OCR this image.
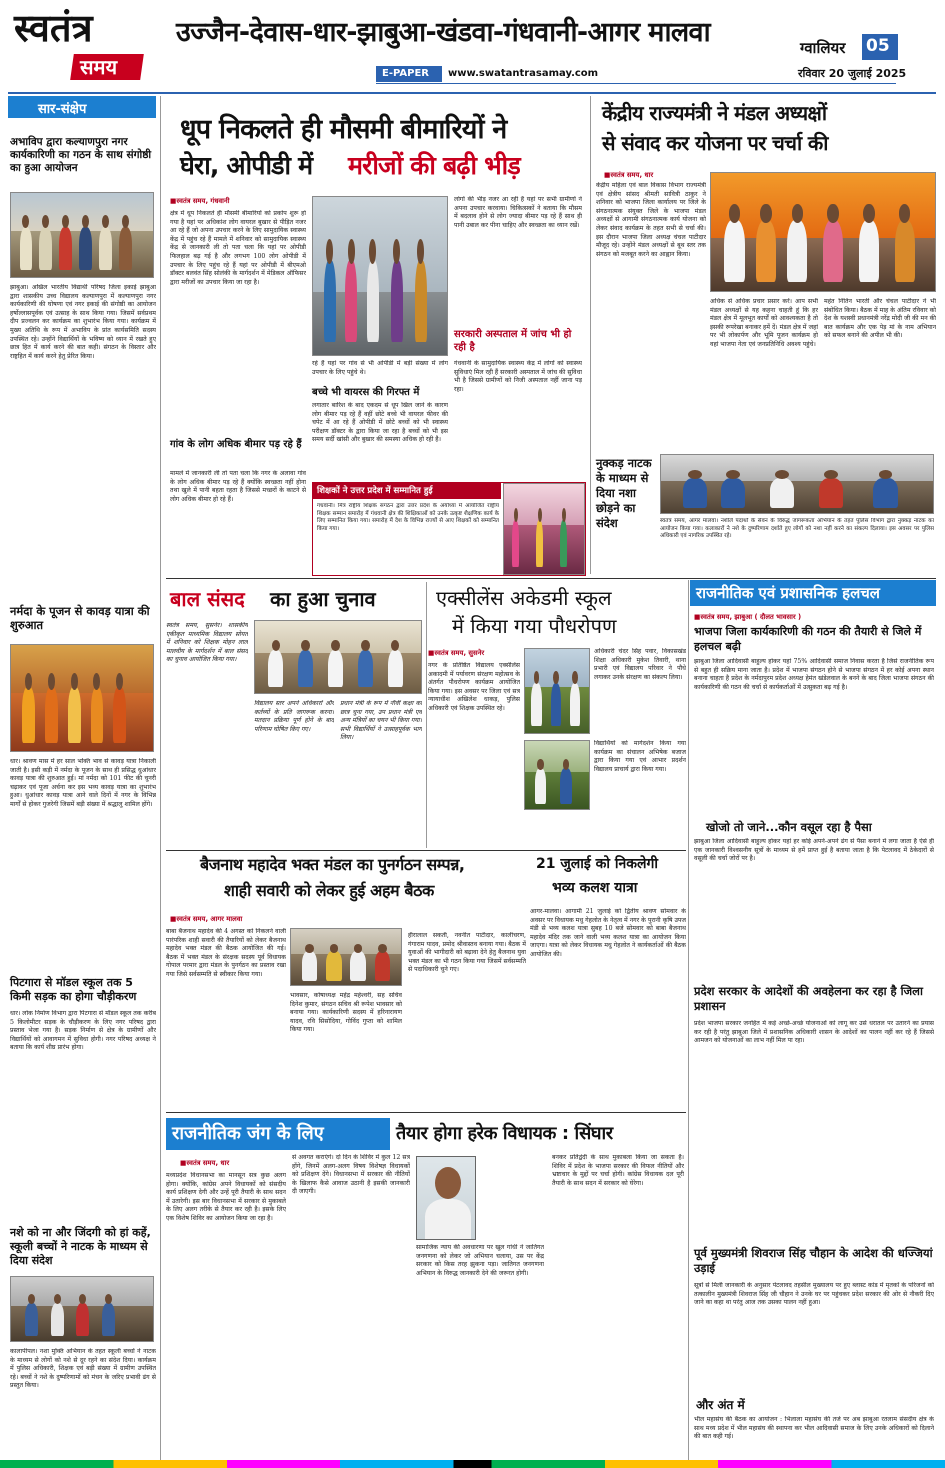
स्वतंत्र
समय
उज्जैन-देवास-धार-झाबुआ-खंडवा-गंधवानी-आगर मालवा
E-PAPER www.swatantrasamay.com
ग्वालियर 05
रविवार 20 जुलाई 2025
सार-संक्षेप
अभाविप द्वारा कल्याणपुरा नगर कार्यकारिणी का गठन के साथ संगोष्ठी का हुआ आयोजन
झाबुआ। अखिल भारतीय विद्यार्थी परिषद जिला इकाई झाबुआ द्वारा शासकीय उच्च विद्यालय कल्याणपुरा में कल्याणपुरा नगर कार्यकारिणी की घोषणा एवं नगर इकाई की संगोष्ठी का आयोजन हर्षोल्लासपूर्वक एवं उत्साह के साथ किया गया। जिसमें सर्वप्रथम दीप प्रज्वलन कर कार्यक्रम का शुभारंभ किया गया। कार्यक्रम में मुख्य अतिथि के रूप में अभाविप के प्रांत कार्यसमिति सदस्य उपस्थित रहे। उन्होंने विद्यार्थियों के भविष्य को ध्यान में रखते हुए छात्र हित में कार्य करने की बात कही। संगठन के विस्तार और राष्ट्रहित में कार्य करने हेतु प्रेरित किया।
नर्मदा के पूजन से कावड़ यात्रा की शुरुआत
धार। श्रावण मास में हर साल भक्ति भाव से कावड़ यात्रा निकाली जाती है। इसी कड़ी में नर्मदा के पूजन के साथ ही प्रसिद्ध धुआंधार कावड़ यात्रा की शुरुआत हुई। मां नर्मदा को 101 फीट की चुनरी चढ़ाकर एवं पूजा अर्चना कर इस भव्य कावड़ यात्रा का शुभारंभ हुआ। धुआंधार कावड़ यात्रा आने वाले दिनों में नगर के विभिन्न मार्गों से होकर गुजरेगी जिसमें बड़ी संख्या में श्रद्धालु शामिल होंगे।
पिटगारा से मॉडल स्कूल तक 5 किमी सड़क का होगा चौड़ीकरण
धार। लोक निर्माण विभाग द्वारा पिटगारा से मॉडल स्कूल तक करीब 5 किलोमीटर सड़क के चौड़ीकरण के लिए नगर परिषद द्वारा प्रस्ताव भेजा गया है। सड़क निर्माण से क्षेत्र के ग्रामीणों और विद्यार्थियों को आवागमन में सुविधा होगी। नगर परिषद अध्यक्ष ने बताया कि कार्य शीघ्र प्रारंभ होगा।
नशे को ना और जिंदगी को हां कहें, स्कूली बच्चों ने नाटक के माध्यम से दिया संदेश
कालापीपल। नशा मुक्ति अभियान के तहत स्कूली बच्चों ने नाटक के माध्यम से लोगों को नशे से दूर रहने का संदेश दिया। कार्यक्रम में पुलिस अधिकारी, शिक्षक एवं बड़ी संख्या में ग्रामीण उपस्थित रहे। बच्चों ने नशे के दुष्परिणामों को मंचन के जरिए प्रभावी ढंग से प्रस्तुत किया।
धूप निकलते ही मौसमी बीमारियों ने
घेरा, ओपीडी में मरीजों की बढ़ी भीड़
■ स्वतंत्र समय, गंधवानी
क्षेत्र में धूप निकलते ही मौसमी बीमारियों को प्रकोप शुरू हो गया है यहां पर अधिकांश लोग वायरल बुखार से पीड़ित नजर आ रहे हैं जो अपना उपचार करने के लिए सामुदायिक स्वास्थ्य केंद्र में पहुंच रहे हैं मामले में शनिवार को सामुदायिक स्वास्थ्य केंद्र से जानकारी ली तो पता चला कि यहां पर ओपीडी फिलहाल बढ़ गई है और लगभग 100 लोग ओपीडी में उपचार के लिए पहुंच रहे हैं यहां पर ओपीडी में बीएमओ डॉक्टर बलवंत सिंह सोलंकी के मार्गदर्शन में मेडिकल ऑफिसर द्वारा मरीजों का उपचार किया जा रहा है।
गांव के लोग अधिक बीमार पड़ रहे हैं
मामले में जानकारी ली तो पता चला कि नगर के अलावा गांव के लोग अधिक बीमार पड़ रहे हैं क्योंकि स्वच्छता नहीं होना तथा खुले में पानी बहता रहता है जिससे मच्छरों के काटने से लोग अधिक बीमार हो रहे हैं।
रहे हैं यहां पर गांव से भी ओपीडी में बड़ी संख्या में लोग उपचार के लिए पहुंचे थे।
बच्चे भी वायरस की गिरफ्त में
लगातार बारिश के बाद एकदम से धूप खिल जाने के कारण लोग बीमार पड़ रहे हैं वहीं छोटे बच्चे भी वायरल फीवर की चपेट में आ रहे हैं ओपीडी में छोटे बच्चों को भी स्वास्थ्य परीक्षण डॉक्टर के द्वारा किया जा रहा है बच्चों को भी इस समय सर्दी खांसी और बुखार की समस्या अधिक हो रही है।
लोगों की भीड़ नजर आ रही है यहां पर सभी ग्रामीणों ने अपना उपचार करवाया। चिकित्सकों ने बताया कि मौसम में बदलाव होने से लोग ज्यादा बीमार पड़ रहे हैं साथ ही पानी उबाल कर पीना चाहिए और स्वच्छता का ध्यान रखें।
सरकारी अस्पताल में जांच भी हो रही है
गंधवानी के सामुदायिक स्वास्थ्य केंद्र में लोगों को स्वास्थ्य सुविधाएं मिल रही हैं सरकारी अस्पताल में जांच की सुविधा भी है जिससे ग्रामीणों को निजी अस्पताल नहीं जाना पड़ रहा।
शिक्षकों ने उत्तर प्रदेश में सम्मानित हुई
गंधवानी। मित्र राष्ट्रीय शिक्षक संगठन द्वारा उत्तर प्रदेश के अयोध्या में आयोजित राष्ट्रीय शिक्षक सम्मान समारोह में गंधवानी क्षेत्र की शिक्षिकाओं को उनके उत्कृष्ट शैक्षणिक कार्य के लिए सम्मानित किया गया। समारोह में देश के विभिन्न राज्यों से आए शिक्षकों को सम्मानित किया गया।
केंद्रीय राज्यमंत्री ने मंडल अध्यक्षों
से संवाद कर योजना पर चर्चा की
■ स्वतंत्र समय, धार
केंद्रीय महिला एवं बाल विकास विभाग राज्यमंत्री एवं क्षेत्रीय सांसद श्रीमती सावित्री ठाकुर ने शनिवार को भाजपा जिला कार्यालय पर जिले के संगठनात्मक संयुक्त जिले के भाजपा मंडल अध्यक्षों से आगामी संगठनात्मक कार्य योजना को लेकर संवाद कार्यक्रम के तहत सभी से चर्चा की। इस दौरान भाजपा जिला अध्यक्ष चंचल पाटीदार मौजूद रहे। उन्होंने मंडल अध्यक्षों से बूथ स्तर तक संगठन को मजबूत करने का आह्वान किया।
अधिक से अधिक प्रचार प्रसार करें। आप सभी मंडल अध्यक्षों से यह कहना चाहती हूं कि हर मंडल क्षेत्र में मूलभूत कार्यों को आवश्यकता है तो इसकी रूपरेखा बनाकर हमें दें। मंडल क्षेत्र में जहां पर भी लोकार्पण और भूमि पूजन कार्यक्रम हो वहां भाजपा नेता एवं जनप्रतिनिधि अवश्य पहुंचे।
महंत नितिन भारती और चंचल पाटीदार ने भी संबोधित किया। बैठक में माह के अंतिम रविवार को देश के यशस्वी प्रधानमंत्री नरेंद्र मोदी जी की मन की बात कार्यक्रम और एक पेड़ मां के नाम अभियान को सफल बनाने की अपील भी की।
नुक्कड़ नाटक के माध्यम से दिया नशा छोड़ने का संदेश	स्वतंत्र समय, आगर मालवा। नशीले पदार्थों के सेवन के विरुद्ध जागरूकता अभियान के तहत पुलिस विभाग द्वारा नुक्कड़ नाटक का आयोजन किया गया। कलाकारों ने नशे के दुष्परिणाम दर्शाते हुए लोगों को नशा नहीं करने का संकल्प दिलाया। इस अवसर पर पुलिस अधिकारी एवं नागरिक उपस्थित रहे।
बाल संसद का हुआ चुनाव
स्वतंत्र समय, सुसनेर। शासकीय एकीकृत माध्यमिक विद्यालय सोयत में शनिवार को शिक्षक मोहन लाल मालवीय के मार्गदर्शन में बाल संसद का चुनाव आयोजित किया गया।
विद्यालय स्तर अपने अधिकारों और कर्तव्यों के प्रति जागरूक करना। मतदान प्रक्रिया पूर्ण होने के बाद परिणाम घोषित किए गए।
प्रधान मंत्री के रूप में नौवीं कक्षा का छात्र चुना गया, उप प्रधान मंत्री एवं अन्य मंत्रियों का चयन भी किया गया। सभी विद्यार्थियों ने उत्साहपूर्वक भाग लिया।
एक्सीलेंस अकेडमी स्कूल
में किया गया पौधरोपण
■ स्वतंत्र समय, सुसनेर
नगर के प्रतिष्ठित विद्यालय एक्सीलेंस अकादमी में पर्यावरण संरक्षण महोत्सव के अंतर्गत पौधरोपण कार्यक्रम आयोजित किया गया। इस अवसर पर जिला एवं सत्र न्यायाधीश अखिलेश धाकड़, पुलिस अधिकारी एवं शिक्षक उपस्थित रहे।
अधिकारी चंदर सिंह पवार, विकासखंड शिक्षा अधिकारी मुकेश तिवारी, थाना प्रभारी एवं विद्यालय परिवार ने पौधे लगाकर उनके संरक्षण का संकल्प लिया।
विद्यार्थियों को मार्गदर्शन किया गया कार्यक्रम का संचालन अभिषेक बजाज द्वारा किया गया एवं आभार प्रदर्शन विद्यालय प्राचार्य द्वारा किया गया।
राजनीतिक एवं प्रशासनिक हलचल
■ स्वतंत्र समय, झाबुआ ( दौलत भावसार )
भाजपा जिला कार्यकारिणी की गठन की तैयारी से जिले में हलचल बढ़ी
झाबुआ जिला आदिवासी बाहुल्य होकर यहां 75% आदिवासी समाज निवास करता है जिसे राजनीतिक रूप से बहुत ही सक्रिय माना जाता है। प्रदेश में भाजपा संगठन होने से भाजपा संगठन में हर कोई अपना स्थान बनाना चाहता है प्रदेश के नर्मदापुरम प्रदेश अध्यक्ष हेमंत खंडेलवाल के बनने के बाद जिला भाजपा संगठन की कार्यकारिणी की गठन की चर्चा से कार्यकर्ताओं में उत्सुकता बढ़ गई है।
खोजो तो जाने...कौन वसूल रहा है पैसा
झाबुआ जिला आदिवासी बाहुल्य होकर यहां हर कोई अपने-अपने ढंग से पैसा बनाने में लगा जाता है ऐसे ही एक जानकारी विश्वसनीय सूत्रों के माध्यम से हमें प्राप्त हुई है बताया जाता है कि पेटलावद में ठेकेदारों से वसूली की चर्चा जोरों पर है।
प्रदेश सरकार के आदेशों की अवहेलना कर रहा है जिला प्रशासन
प्रदेश भाजपा सरकार जनहित में कई अच्छे-अच्छे योजनाओं को लागू कर उसे धरातल पर उतारने का प्रयास कर रही है परंतु झाबुआ जिले में प्रशासनिक अधिकारी शासन के आदेशों का पालन नहीं कर रहे हैं जिससे आमजन को योजनाओं का लाभ नहीं मिल पा रहा।
पूर्व मुख्यमंत्री शिवराज सिंह चौहान के आदेश की धज्जियां उड़ाई
सूत्रों से मिली जानकारी के अनुसार पेटलावद तहसील मुख्यालय पर हुए ब्लास्ट कांड में मृतकों के परिजनों को तत्कालीन मुख्यमंत्री शिवराज सिंह जी चौहान ने उनके घर पर पहुंचकर प्रदेश सरकार की ओर से नौकरी दिए जाने का कहा था परंतु आज तक उसका पालन नहीं हुआ।
और अंत में
भील महासंघ की बैठक का आयोजन : भिलाला महासंघ की तर्ज पर अब झाबुआ रतलाम संसदीय क्षेत्र के साथ मध्य प्रदेश में भील महासंघ की स्थापना कर भील आदिवासी समाज के लिए उनके अधिकारों को दिलाने की बात कही गई।
बैजनाथ महादेव भक्त मंडल का पुनर्गठन सम्पन्न,
शाही सवारी को लेकर हुई अहम बैठक
■ स्वतंत्र समय, आगर मालवा
बाबा बैजनाथ महादेव की 4 अगस्त को निकलने वाली पारंपरिक शाही सवारी की तैयारियों को लेकर बैजनाथ महादेव भक्त मंडल की बैठक आयोजित की गई। बैठक में भक्त मंडल के संरक्षक सदस्य पूर्व विधायक गोपाल परमार द्वारा मंडल के पुनर्गठन का प्रस्ताव रखा गया जिसे सर्वसम्मति से स्वीकार किया गया।
भावसार, कोषाध्यक्ष महेंद्र महेश्वरी, सह सचिव दिनेश कुमार, संगठन सचिव श्री रूपेश भावसार को बनाया गया। कार्यकारिणी सदस्य में हरिनारायण यादव, रवि सिसोदिया, गोविंद गुप्ता को शामिल किया गया।
हीरालाल सकती, नवनीत पाटीदार, कालीचरण, गंगाराम यादव, प्रमोद श्रीवास्तव बनाया गया। बैठक में युवाओं की भागीदारी को बढ़ावा देने हेतु बैजनाथ युवा भक्त मंडल का भी गठन किया गया जिसमें सर्वसम्मति से पदाधिकारी चुने गए।
21 जुलाई को निकलेगी
भव्य कलश यात्रा
आगर-मालवा। आगामी 21 जुलाई को द्वितीय श्रावण सोमवार के अवसर पर विधायक मधु गेहलोत के नेतृत्व में नगर के पुरानी कृषि उपज मंडी से भव्य कलश यात्रा सुबह 10 बजे सोमवार को बाबा बैजनाथ महादेव मंदिर तक जाने वाली भव्य कलश यात्रा का आयोजन किया जाएगा। यात्रा को लेकर विधायक मधु गेहलोत ने कार्यकर्ताओं की बैठक आयोजित की।
राजनीतिक जंग के लिए	तैयार होगा हरेक विधायक : सिंघार
■ स्वतंत्र समय, धार
मध्यप्रदेश विधानसभा का मानसून सत्र कुछ अलग होगा। क्योंकि, कांग्रेस अपने विधायकों को संसदीय कार्य प्रशिक्षण देगी और उन्हें पूरी तैयारी के साथ सदन में उतारेगी। इस बार विधानसभा में सरकार से मुकाबले के लिए अलग तरीके से तैयार कर रही है। इसके लिए एक विशेष शिविर का आयोजन किया जा रहा है।
से अवगत कराएंगे। दो दिन के शिविर में कुल 12 सत्र होंगे, जिनमें अलग-अलग विषय विशेषज्ञ विधायकों को प्रशिक्षण देंगे। विधानसभा में सरकार की नीतियों के खिलाफ कैसे आवाज उठानी है इसकी जानकारी दी जाएगी।
सामाजिक न्याय की अवधारणा पर खुल गांधी ने जातिगत जनगणना को लेकर जो अभियान चलाया, उस पर केंद्र सरकार को किस तरह झुकना पड़ा। जातिगत जनगणना अभियान के विरुद्ध जानकारी देने की जरूरत होगी।
बनकर प्रतिद्वंदी के साथ मुकाबला किया जा सकता है। शिविर में प्रदेश के भाजपा सरकार की विफल नीतियों और भ्रष्टाचार के मुद्दों पर चर्चा होगी। कांग्रेस विधायक दल पूरी तैयारी के साथ सदन में सरकार को घेरेगा।
